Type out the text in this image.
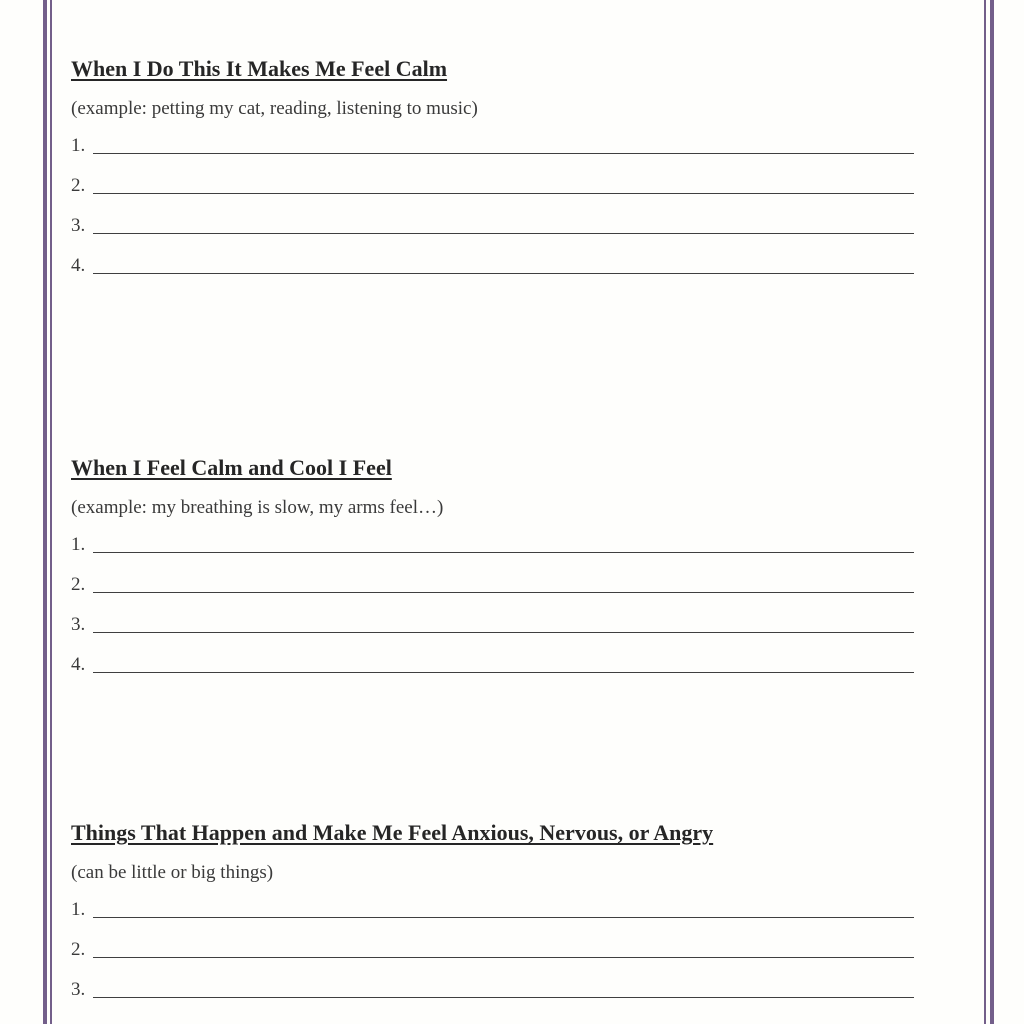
When I Do This It Makes Me Feel Calm
(example: petting my cat, reading, listening to music)
1.
2.
3.
4.
When I Feel Calm and Cool I Feel
(example: my breathing is slow, my arms feel…)
1.
2.
3.
4.
Things That Happen and Make Me Feel Anxious, Nervous, or Angry
(can be little or big things)
1.
2.
3.
